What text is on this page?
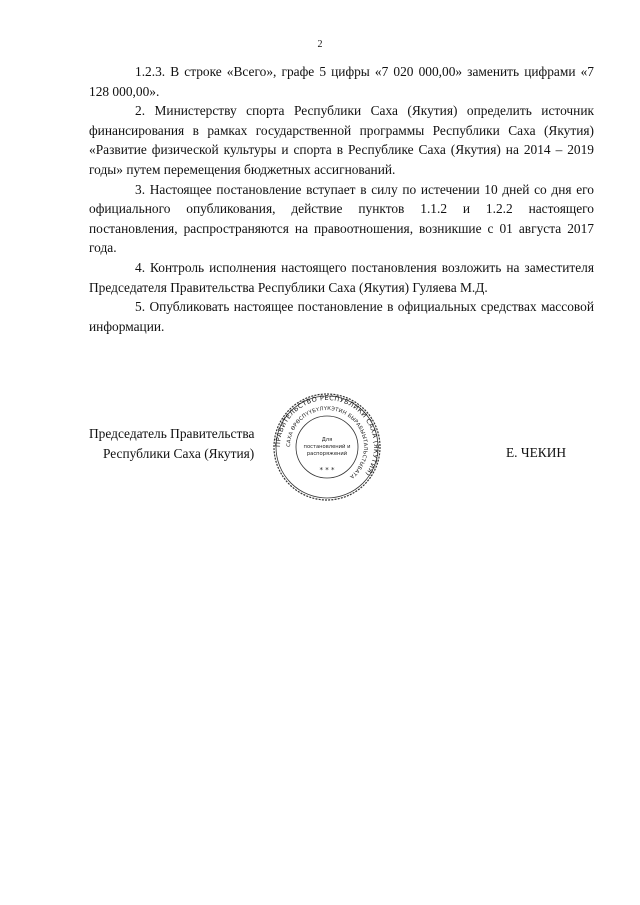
2

1.2.3. В строке «Всего», графе 5 цифры «7 020 000,00» заменить цифрами «7 128 000,00».

2. Министерству спорта Республики Саха (Якутия) определить источник финансирования в рамках государственной программы Республики Саха (Якутия) «Развитие физической культуры и спорта в Республике Саха (Якутия) на 2014 – 2019 годы» путем перемещения бюджетных ассигнований.

3. Настоящее постановление вступает в силу по истечении 10 дней со дня его официального опубликования, действие пунктов 1.1.2 и 1.2.2 настоящего постановления, распространяются на правоотношения, возникшие с 01 августа 2017 года.

4. Контроль исполнения настоящего постановления возложить на заместителя Председателя Правительства Республики Саха (Якутия) Гуляева М.Д.

5. Опубликовать настоящее постановление в официальных средствах массовой информации.

Председатель Правительства
Республики Саха (Якутия)	Е. ЧЕКИН
ПРАВИТЕЛЬСТВО РЕСПУБЛИКИ САХА (ЯКУТИЯ)
САХА ӨРӨСПҮҮБҮЛҮКЭТИН БЫРАБЫЫТАЛЬСТЫБАТА
Для
постановлений и
распоряжений
* * *
